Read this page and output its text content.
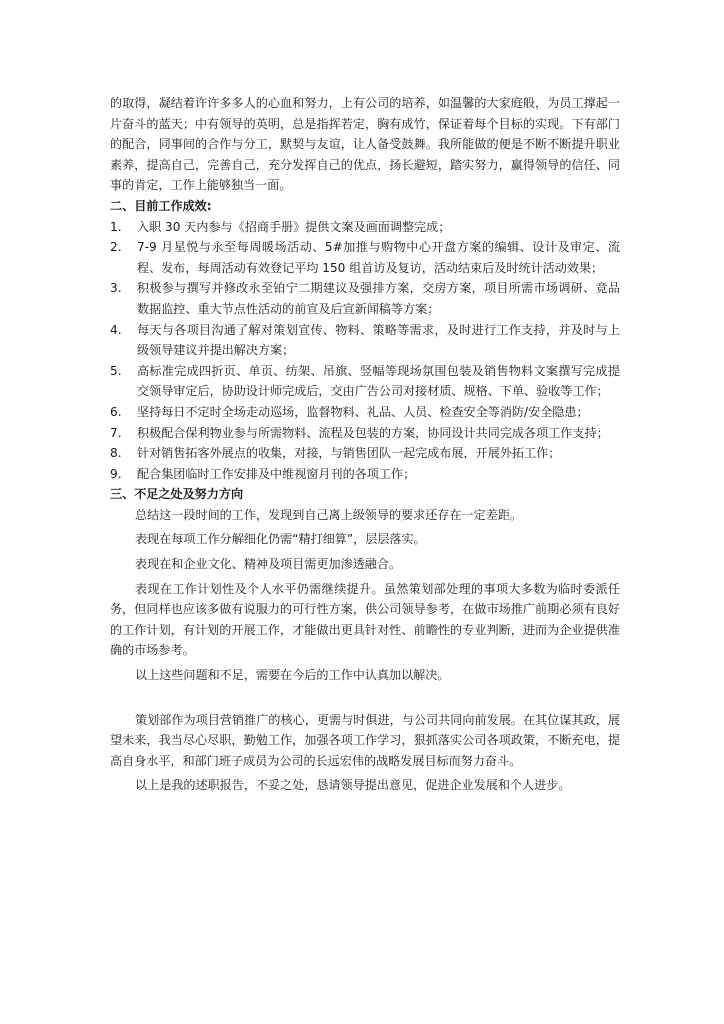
的取得，凝结着许许多多人的心血和努力，上有公司的培养，如温馨的大家庭般，为员工撑起一片奋斗的蓝天；中有领导的英明，总是指挥若定，胸有成竹，保证着每个目标的实现。下有部门的配合，同事间的合作与分工，默契与友谊，让人备受鼓舞。我所能做的便是不断不断提升职业素养，提高自己，完善自己，充分发挥自己的优点，扬长避短，踏实努力，赢得领导的信任、同事的肯定，工作上能够独当一面。

二、目前工作成效:

1. 入职 30 天内参与《招商手册》提供文案及画面调整完成；
2. 7-9 月星悦与永至每周暖场活动、5#加推与购物中心开盘方案的编辑、设计及审定、流程、发布，每周活动有效登记平均 150 组首访及复访，活动结束后及时统计活动效果；
3. 积极参与撰写并修改永至铂宁二期建议及强排方案，交房方案，项目所需市场调研、竞品数据监控、重大节点性活动的前宣及后宣新闻稿等方案；
4. 每天与各项目沟通了解对策划宣传、物料、策略等需求，及时进行工作支持，并及时与上级领导建议并提出解决方案；
5. 高标准完成四折页、单页、纺架、吊旗、竖幅等现场氛围包装及销售物料文案撰写完成提交领导审定后，协助设计师完成后，交由广告公司对接材质、规格、下单、验收等工作；
6. 坚持每日不定时全场走动巡场，监督物料、礼品、人员、检查安全等消防/安全隐患；
7. 积极配合保利物业参与所需物料、流程及包装的方案，协同设计共同完成各项工作支持；
8. 针对销售拓客外展点的收集，对接，与销售团队一起完成布展，开展外拓工作；
9. 配合集团临时工作安排及中维视窗月刊的各项工作；

三、不足之处及努力方向

总结这一段时间的工作，发现到自己离上级领导的要求还存在一定差距。

表现在每项工作分解细化仍需“精打细算”，层层落实。

表现在和企业文化、精神及项目需更加渗透融合。

表现在工作计划性及个人水平仍需继续提升。虽然策划部处理的事项大多数为临时委派任务，但同样也应该多做有说服力的可行性方案，供公司领导参考，在做市场推广前期必须有良好的工作计划，有计划的开展工作，才能做出更具针对性、前瞻性的专业判断，进而为企业提供准确的市场参考。

以上这些问题和不足，需要在今后的工作中认真加以解决。

策划部作为项目营销推广的核心，更需与时俱进，与公司共同向前发展。在其位谋其政，展望未来，我当尽心尽职，勤勉工作，加强各项工作学习，狠抓落实公司各项政策，不断充电，提高自身水平，和部门班子成员为公司的长远宏伟的战略发展目标而努力奋斗。

以上是我的述职报告，不妥之处，恳请领导提出意见，促进企业发展和个人进步。
